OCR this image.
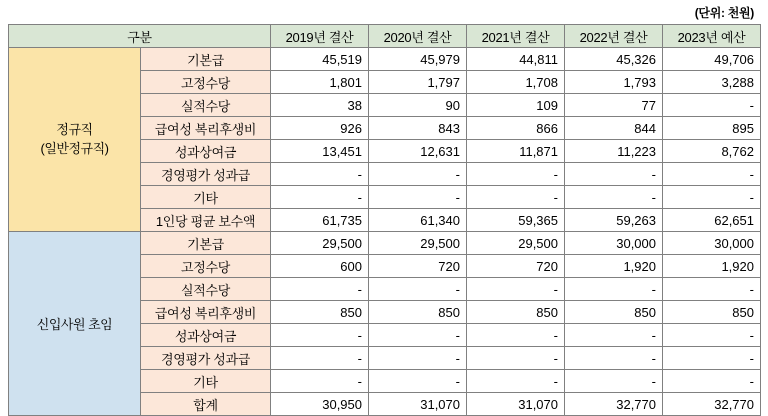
(단위: 천원)
구분		2019년 결산	2020년 결산	2021년 결산	2022년 결산	2023년 예산

정규직
(일반정규직)	기본급	45,519	45,979	44,811	45,326	49,706
	고정수당	1,801	1,797	1,708	1,793	3,288
	실적수당	38	90	109	77	-
	급여성 복리후생비	926	843	866	844	895
	성과상여금	13,451	12,631	11,871	11,223	8,762
	경영평가 성과급	-	-	-	-	-
	기타	-	-	-	-	-
	1인당 평균 보수액	61,735	61,340	59,365	59,263	62,651
신입사원 초임	기본급	29,500	29,500	29,500	30,000	30,000
	고정수당	600	720	720	1,920	1,920
	실적수당	-	-	-	-	-
	급여성 복리후생비	850	850	850	850	850
	성과상여금	-	-	-	-	-
	경영평가 성과급	-	-	-	-	-
	기타	-	-	-	-	-
	합계	30,950	31,070	31,070	32,770	32,770
